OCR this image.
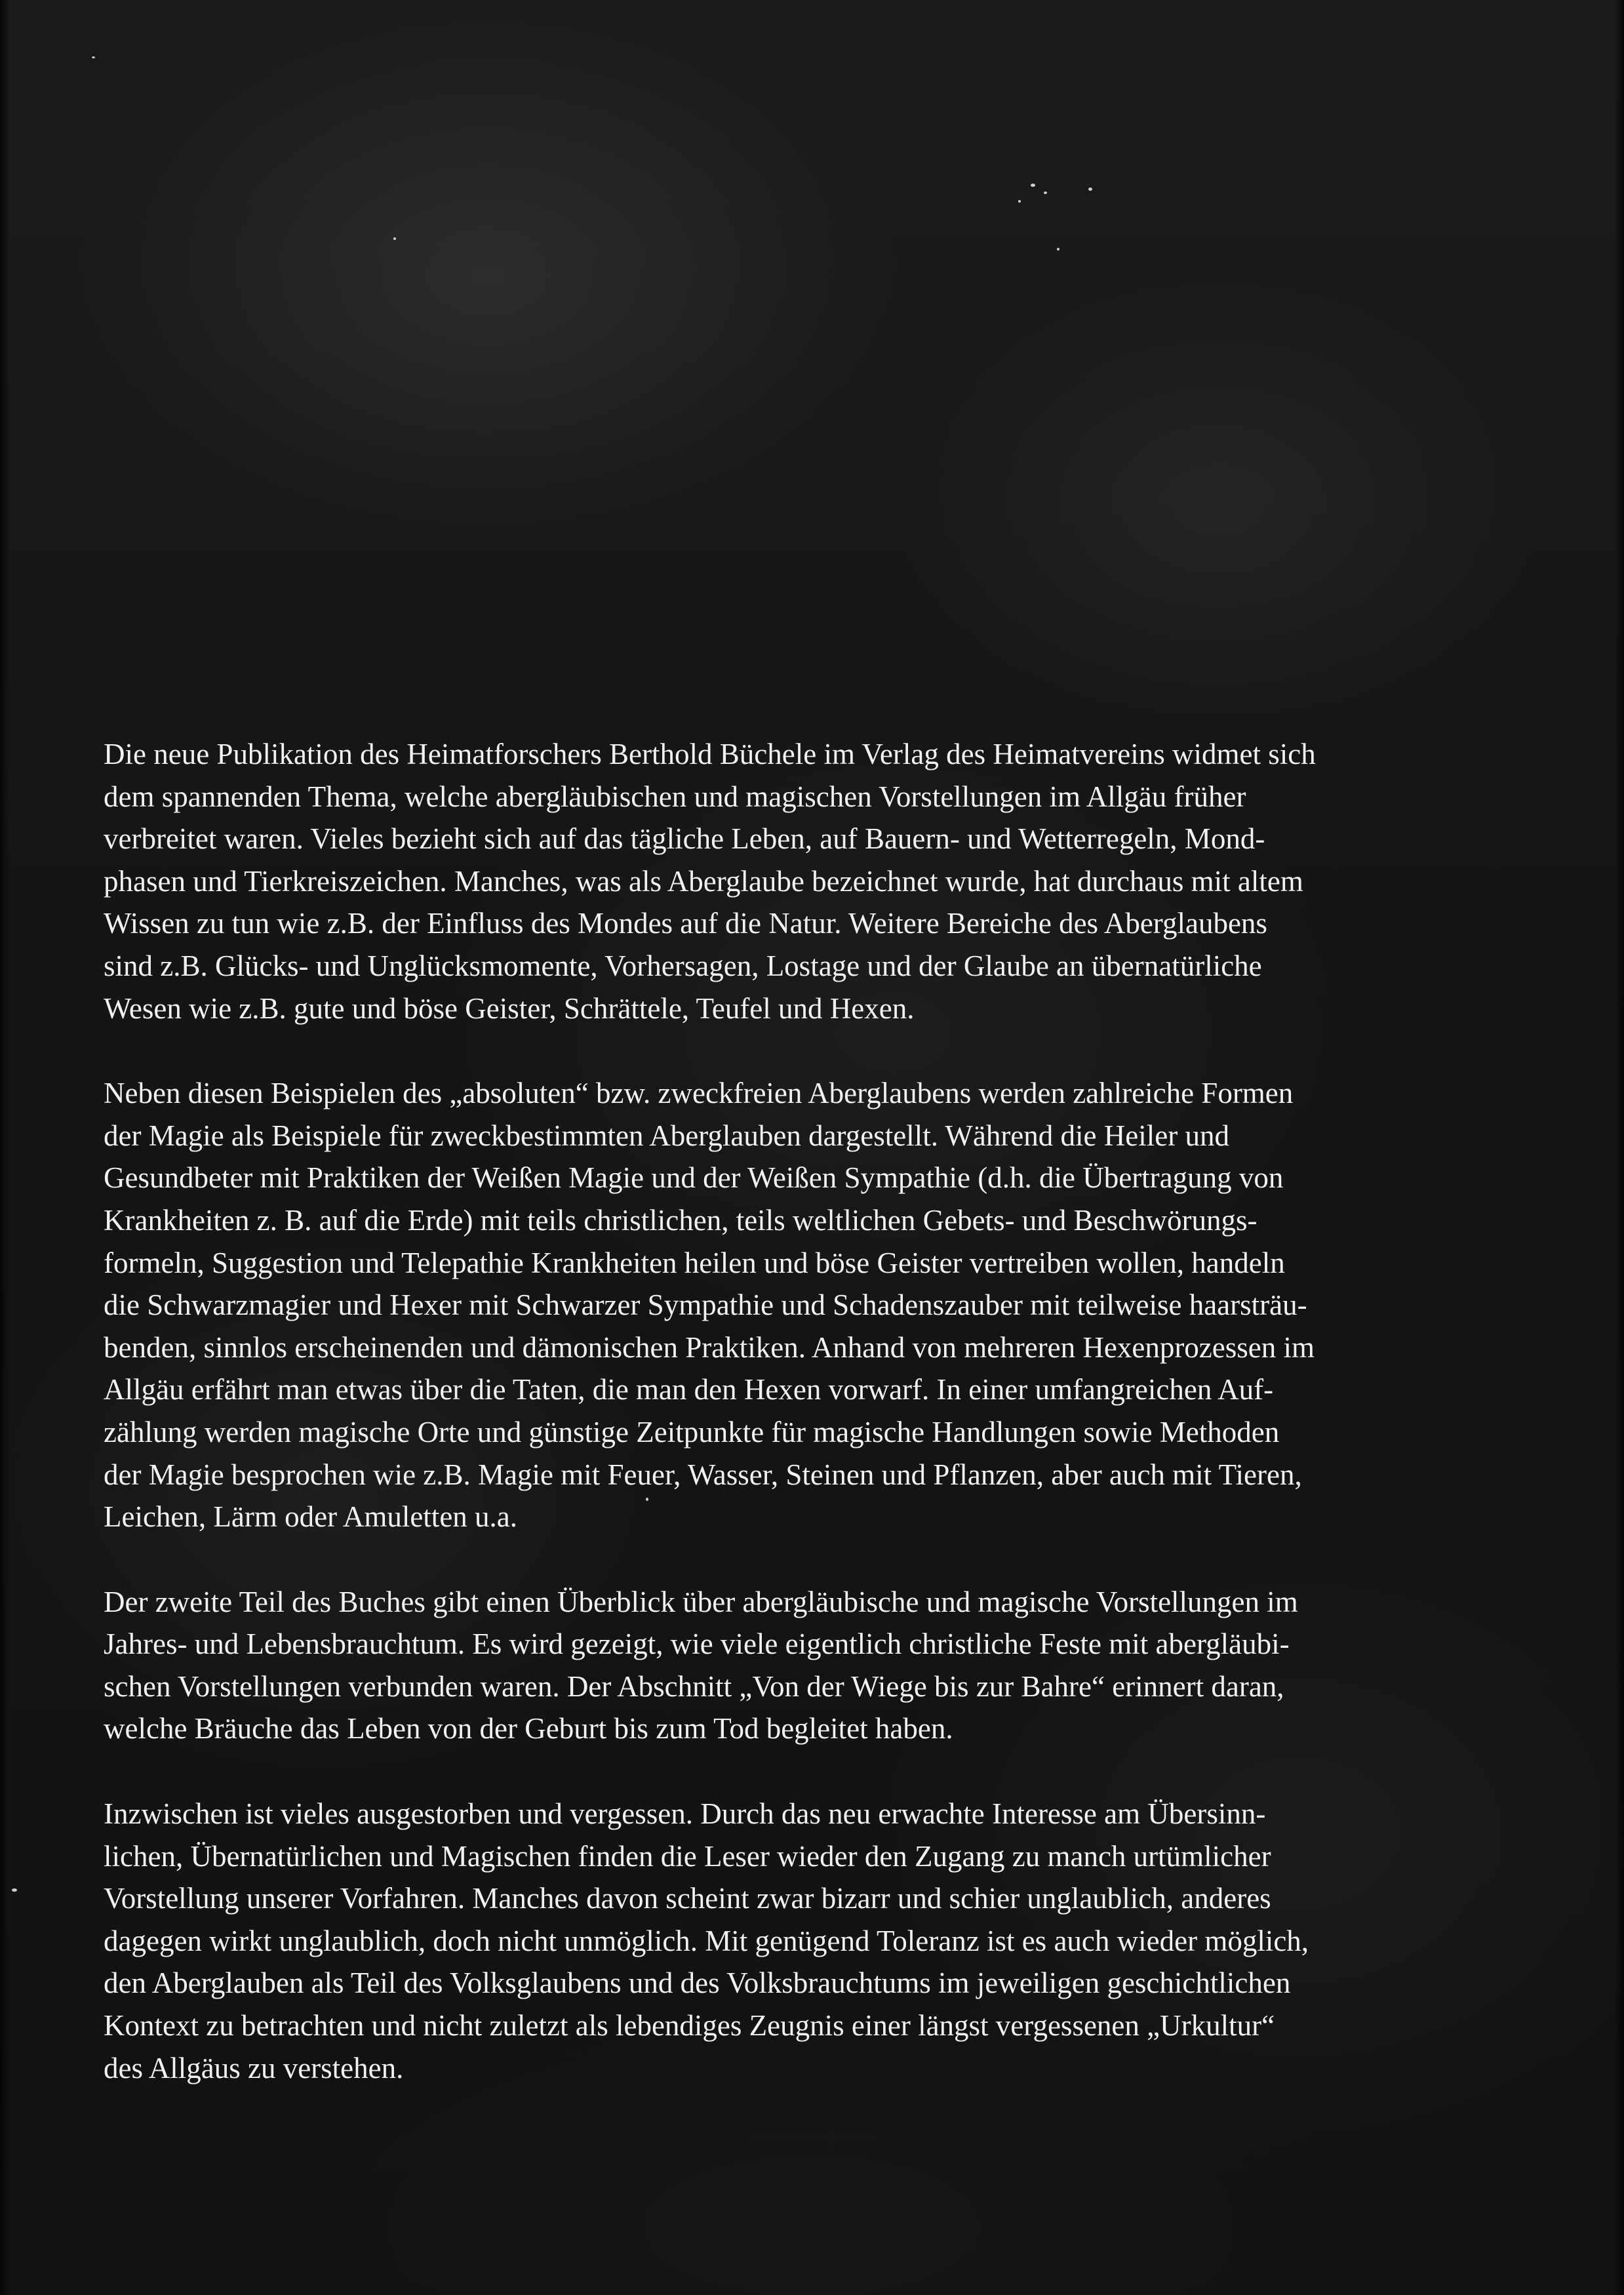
Die neue Publikation des Heimatforschers Berthold Büchele im Verlag des Heimatvereins widmet sich
dem spannenden Thema, welche abergläubischen und magischen Vorstellungen im Allgäu früher
verbreitet waren. Vieles bezieht sich auf das tägliche Leben, auf Bauern- und Wetterregeln, Mond-
phasen und Tierkreiszeichen. Manches, was als Aberglaube bezeichnet wurde, hat durchaus mit altem
Wissen zu tun wie z.B. der Einfluss des Mondes auf die Natur. Weitere Bereiche des Aberglaubens
sind z.B. Glücks- und Unglücksmomente, Vorhersagen, Lostage und der Glaube an übernatürliche
Wesen wie z.B. gute und böse Geister, Schrättele, Teufel und Hexen.
Neben diesen Beispielen des „absoluten“ bzw. zweckfreien Aberglaubens werden zahlreiche Formen
der Magie als Beispiele für zweckbestimmten Aberglauben dargestellt. Während die Heiler und
Gesundbeter mit Praktiken der Weißen Magie und der Weißen Sympathie (d.h. die Übertragung von
Krankheiten z. B. auf die Erde) mit teils christlichen, teils weltlichen Gebets- und Beschwörungs-
formeln, Suggestion und Telepathie Krankheiten heilen und böse Geister vertreiben wollen, handeln
die Schwarzmagier und Hexer mit Schwarzer Sympathie und Schadenszauber mit teilweise haarsträu-
benden, sinnlos erscheinenden und dämonischen Praktiken. Anhand von mehreren Hexenprozessen im
Allgäu erfährt man etwas über die Taten, die man den Hexen vorwarf. In einer umfangreichen Auf-
zählung werden magische Orte und günstige Zeitpunkte für magische Handlungen sowie Methoden
der Magie besprochen wie z.B. Magie mit Feuer, Wasser, Steinen und Pflanzen, aber auch mit Tieren,
Leichen, Lärm oder Amuletten u.a.
Der zweite Teil des Buches gibt einen Überblick über abergläubische und magische Vorstellungen im
Jahres- und Lebensbrauchtum. Es wird gezeigt, wie viele eigentlich christliche Feste mit abergläubi-
schen Vorstellungen verbunden waren. Der Abschnitt „Von der Wiege bis zur Bahre“ erinnert daran,
welche Bräuche das Leben von der Geburt bis zum Tod begleitet haben.
Inzwischen ist vieles ausgestorben und vergessen. Durch das neu erwachte Interesse am Übersinn-
lichen, Übernatürlichen und Magischen finden die Leser wieder den Zugang zu manch urtümlicher
Vorstellung unserer Vorfahren. Manches davon scheint zwar bizarr und schier unglaublich, anderes
dagegen wirkt unglaublich, doch nicht unmöglich. Mit genügend Toleranz ist es auch wieder möglich,
den Aberglauben als Teil des Volksglaubens und des Volksbrauchtums im jeweiligen geschichtlichen
Kontext zu betrachten und nicht zuletzt als lebendiges Zeugnis einer längst vergessenen „Urkultur“
des Allgäus zu verstehen.
